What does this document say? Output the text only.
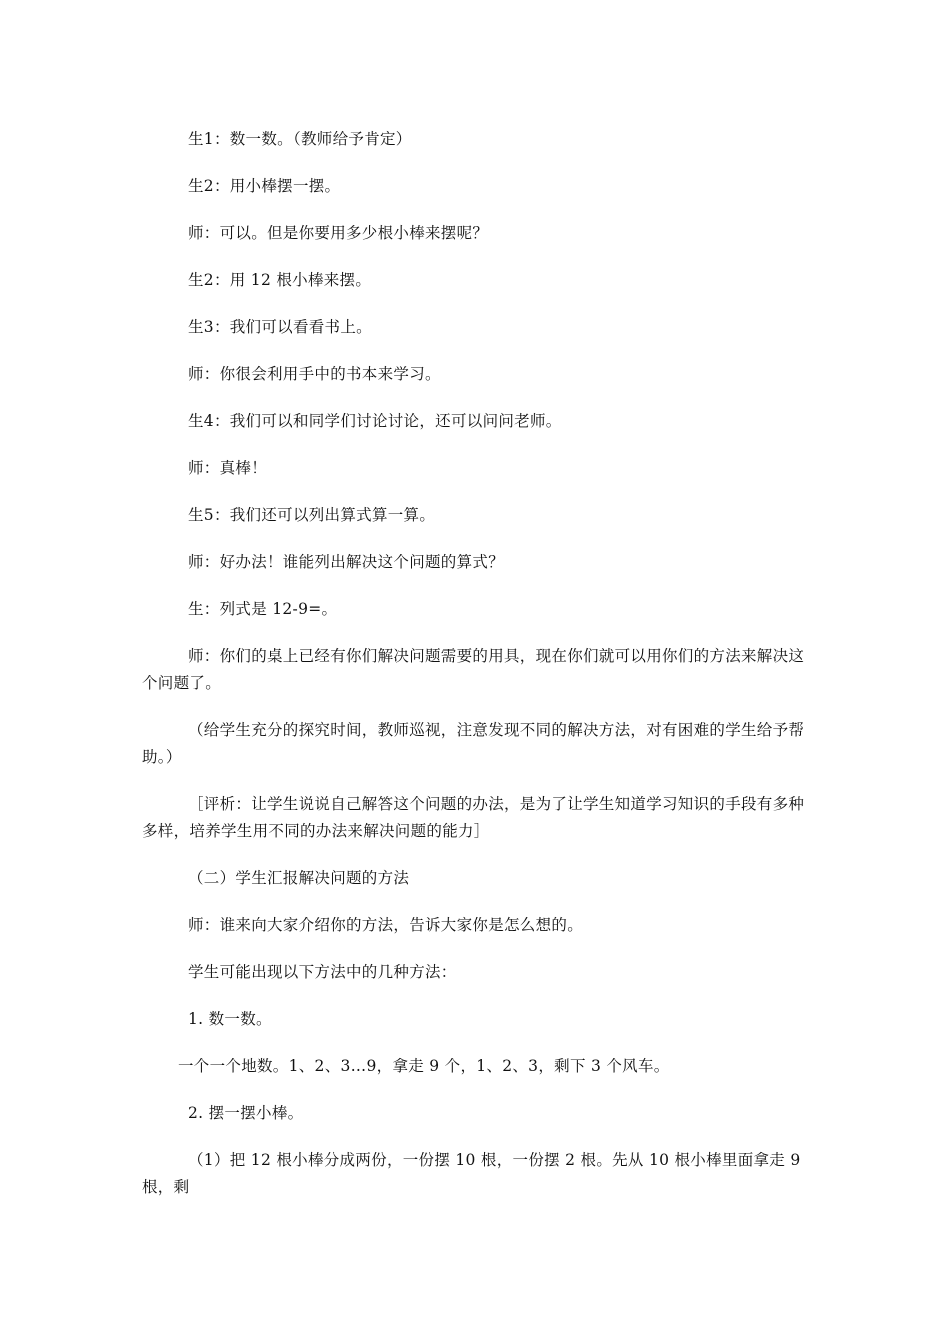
生1：数一数。（教师给予肯定）

生2：用小棒摆一摆。

师：可以。但是你要用多少根小棒来摆呢？

生2：用 12 根小棒来摆。

生3：我们可以看看书上。

师：你很会利用手中的书本来学习。

生4：我们可以和同学们讨论讨论，还可以问问老师。

师：真棒！

生5：我们还可以列出算式算一算。

师：好办法！谁能列出解决这个问题的算式？

生：列式是 12-9=。

师：你们的桌上已经有你们解决问题需要的用具，现在你们就可以用你们的方法来解决这个问题了。

（给学生充分的探究时间，教师巡视，注意发现不同的解决方法，对有困难的学生给予帮助。）

［评析：让学生说说自己解答这个问题的办法，是为了让学生知道学习知识的手段有多种多样，培养学生用不同的办法来解决问题的能力］

（二）学生汇报解决问题的方法

师：谁来向大家介绍你的方法，告诉大家你是怎么想的。

学生可能出现以下方法中的几种方法：

1. 数一数。

一个一个地数。1、2、3…9，拿走 9 个，1、2、3，剩下 3 个风车。

2. 摆一摆小棒。

（1）把 12 根小棒分成两份，一份摆 10 根，一份摆 2 根。先从 10 根小棒里面拿走 9 根，剩
